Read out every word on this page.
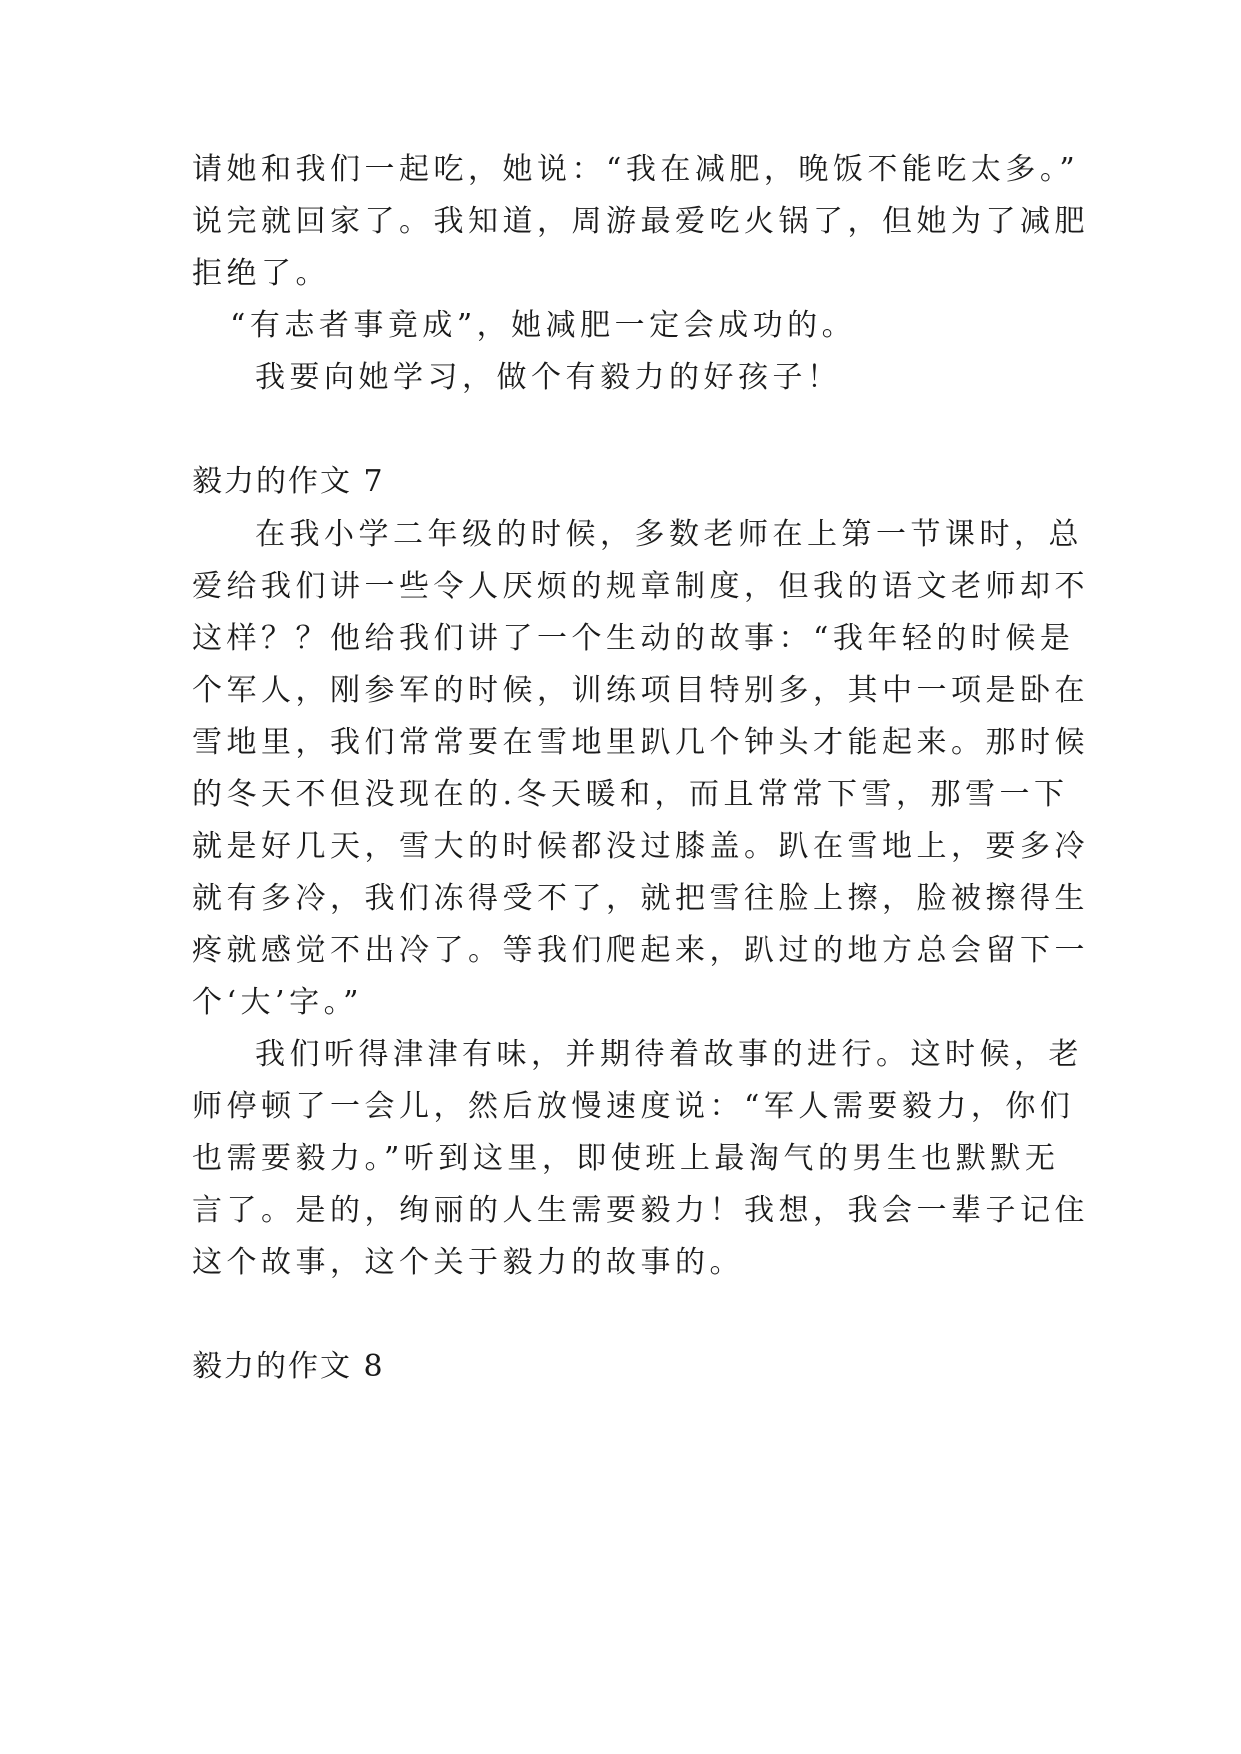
请她和我们一起吃，她说：“我在减肥，晚饭不能吃太多。”
说完就回家了。我知道，周游最爱吃火锅了，但她为了减肥
拒绝了。
“有志者事竟成”，她减肥一定会成功的。
我要向她学习，做个有毅力的好孩子！
毅力的作文 7
在我小学二年级的时候，多数老师在上第一节课时，总
爱给我们讲一些令人厌烦的规章制度，但我的语文老师却不
这样？？他给我们讲了一个生动的故事：“我年轻的时候是
个军人，刚参军的时候，训练项目特别多，其中一项是卧在
雪地里，我们常常要在雪地里趴几个钟头才能起来。那时候
的冬天不但没现在的.冬天暖和，而且常常下雪，那雪一下
就是好几天，雪大的时候都没过膝盖。趴在雪地上，要多冷
就有多冷，我们冻得受不了，就把雪往脸上擦，脸被擦得生
疼就感觉不出冷了。等我们爬起来，趴过的地方总会留下一
个‘大’字。”
我们听得津津有味，并期待着故事的进行。这时候，老
师停顿了一会儿，然后放慢速度说：“军人需要毅力，你们
也需要毅力。”听到这里，即使班上最淘气的男生也默默无
言了。是的，绚丽的人生需要毅力！我想，我会一辈子记住
这个故事，这个关于毅力的故事的。
毅力的作文 8
